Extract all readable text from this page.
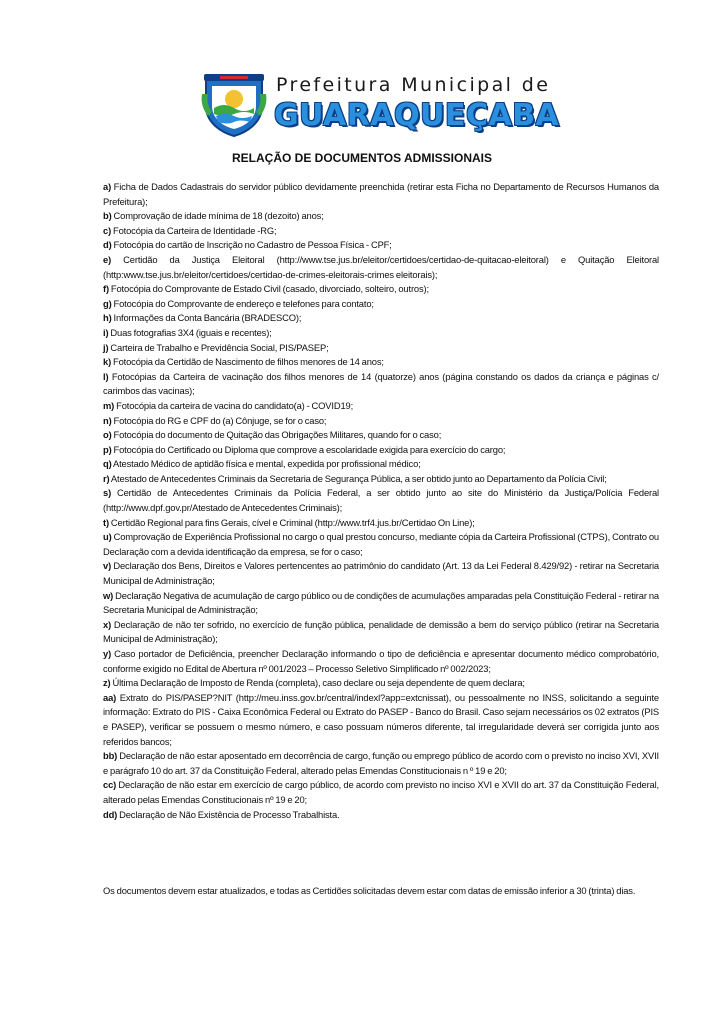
Prefeitura Municipal de
GUARAQUEÇABA
RELAÇÃO DE DOCUMENTOS ADMISSIONAIS
a) Ficha de Dados Cadastrais do servidor público devidamente preenchida (retirar esta Ficha no Departamento de Recursos Humanos da Prefeitura);
b) Comprovação de idade mínima de 18 (dezoito) anos;
c) Fotocópia da Carteira de Identidade -RG;
d) Fotocópia do cartão de Inscrição no Cadastro de Pessoa Física - CPF;
e) Certidão da Justiça Eleitoral (http://www.tse.jus.br/eleitor/certidoes/certidao-de-quitacao-eleitoral) e Quitação Eleitoral (http:www.tse.jus.br/eleitor/certidoes/certidao-de-crimes-eleitorais-crimes eleitorais);
f) Fotocópia do Comprovante de Estado Civil (casado, divorciado, solteiro, outros);
g) Fotocópia do Comprovante de endereço e telefones para contato;
h) Informações da Conta Bancária (BRADESCO);
i) Duas fotografias 3X4 (iguais e recentes);
j) Carteira de Trabalho e Previdência Social, PIS/PASEP;
k) Fotocópia da Certidão de Nascimento de filhos menores de 14 anos;
l) Fotocópias da Carteira de vacinação dos filhos menores de 14 (quatorze) anos (página constando os dados da criança e páginas c/ carimbos das vacinas);
m) Fotocópia da carteira de vacina do candidato(a) - COVID19;
n) Fotocópia do RG e CPF do (a) Cônjuge, se for o caso;
o) Fotocópia do documento de Quitação das Obrigações Militares, quando for o caso;
p) Fotocópia do Certificado ou Diploma que comprove a escolaridade exigida para exercício do cargo;
q) Atestado Médico de aptidão física e mental, expedida por profissional médico;
r) Atestado de Antecedentes Criminais da Secretaria de Segurança Pública, a ser obtido junto ao Departamento da Polícia Civil;
s) Certidão de Antecedentes Criminais da Polícia Federal, a ser obtido junto ao site do Ministério da Justiça/Polícia Federal (http://www.dpf.gov.pr/Atestado de Antecedentes Criminais);
t) Certidão Regional para fins Gerais, cível e Criminal (http://www.trf4.jus.br/Certidao On Line);
u) Comprovação de Experiência Profissional no cargo o qual prestou concurso, mediante cópia da Carteira Profissional (CTPS), Contrato ou Declaração com a devida identificação da empresa, se for o caso;
v) Declaração dos Bens, Direitos e Valores pertencentes ao patrimônio do candidato (Art. 13 da Lei Federal 8.429/92) - retirar na Secretaria Municipal de Administração;
w) Declaração Negativa de acumulação de cargo público ou de condições de acumulações amparadas pela Constituição Federal - retirar na Secretaria Municipal de Administração;
x) Declaração de não ter sofrido, no exercício de função pública, penalidade de demissão a bem do serviço público (retirar na Secretaria Municipal de Administração);
y) Caso portador de Deficiência, preencher Declaração informando o tipo de deficiência e apresentar documento médico comprobatório, conforme exigido no Edital de Abertura nº 001/2023 – Processo Seletivo Simplificado nº 002/2023;
z) Última Declaração de Imposto de Renda (completa), caso declare ou seja dependente de quem declara;
aa) Extrato do PIS/PASEP?NIT (http://meu.inss.gov.br/central/indexl?app=extcnissat), ou pessoalmente no INSS, solicitando a seguinte informação: Extrato do PIS - Caixa Econômica Federal ou Extrato do PASEP - Banco do Brasil. Caso sejam necessários os 02 extratos (PIS e PASEP), verificar se possuem o mesmo número, e caso possuam números diferente, tal irregularidade deverá ser corrigida junto aos referidos bancos;
bb) Declaração de não estar aposentado em decorrência de cargo, função ou emprego público de acordo com o previsto no inciso XVI, XVII e parágrafo 10 do art. 37 da Constituição Federal, alterado pelas Emendas Constitucionais n º 19 e 20;
cc) Declaração de não estar em exercício de cargo público, de acordo com previsto no inciso XVI e XVII do art. 37 da Constituição Federal, alterado pelas Emendas Constitucionais nº 19 e 20;
dd) Declaração de Não Existência de Processo Trabalhista.
Os documentos devem estar atualizados, e todas as Certidões solicitadas devem estar com datas de emissão inferior a 30 (trinta) dias.
